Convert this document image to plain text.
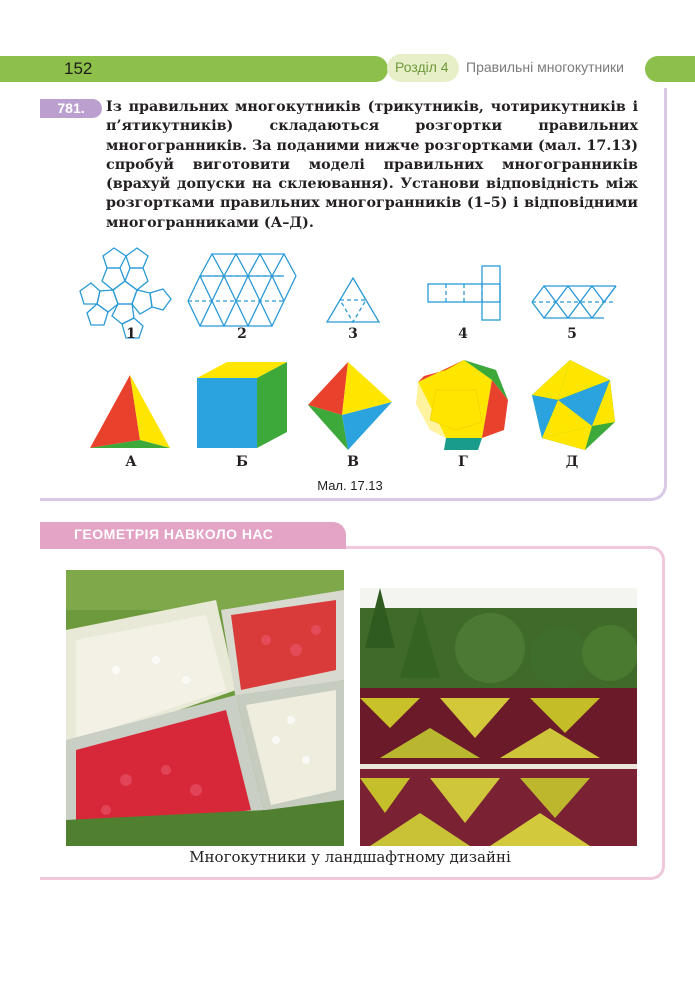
152	Розділ 4 Правильні многокутники
781.	Із правильних многокутників (трикутників, чотирикутників і п’ятикутників) складаються розгортки правильних многогранників. За поданими нижче розгортками (мал. 17.13) спробуй виготовити моделі правильних многогранників (врахуй допуски на склеювання). Установи відповідність між розгортками правильних многогранників (1–5) і відповідними многогранниками (А–Д).
1	2	3	4	5
А	Б	В	Г	Д
Мал. 17.13
ГЕОМЕТРІЯ НАВКОЛО НАС
Многокутники у ландшафтному дизайні
